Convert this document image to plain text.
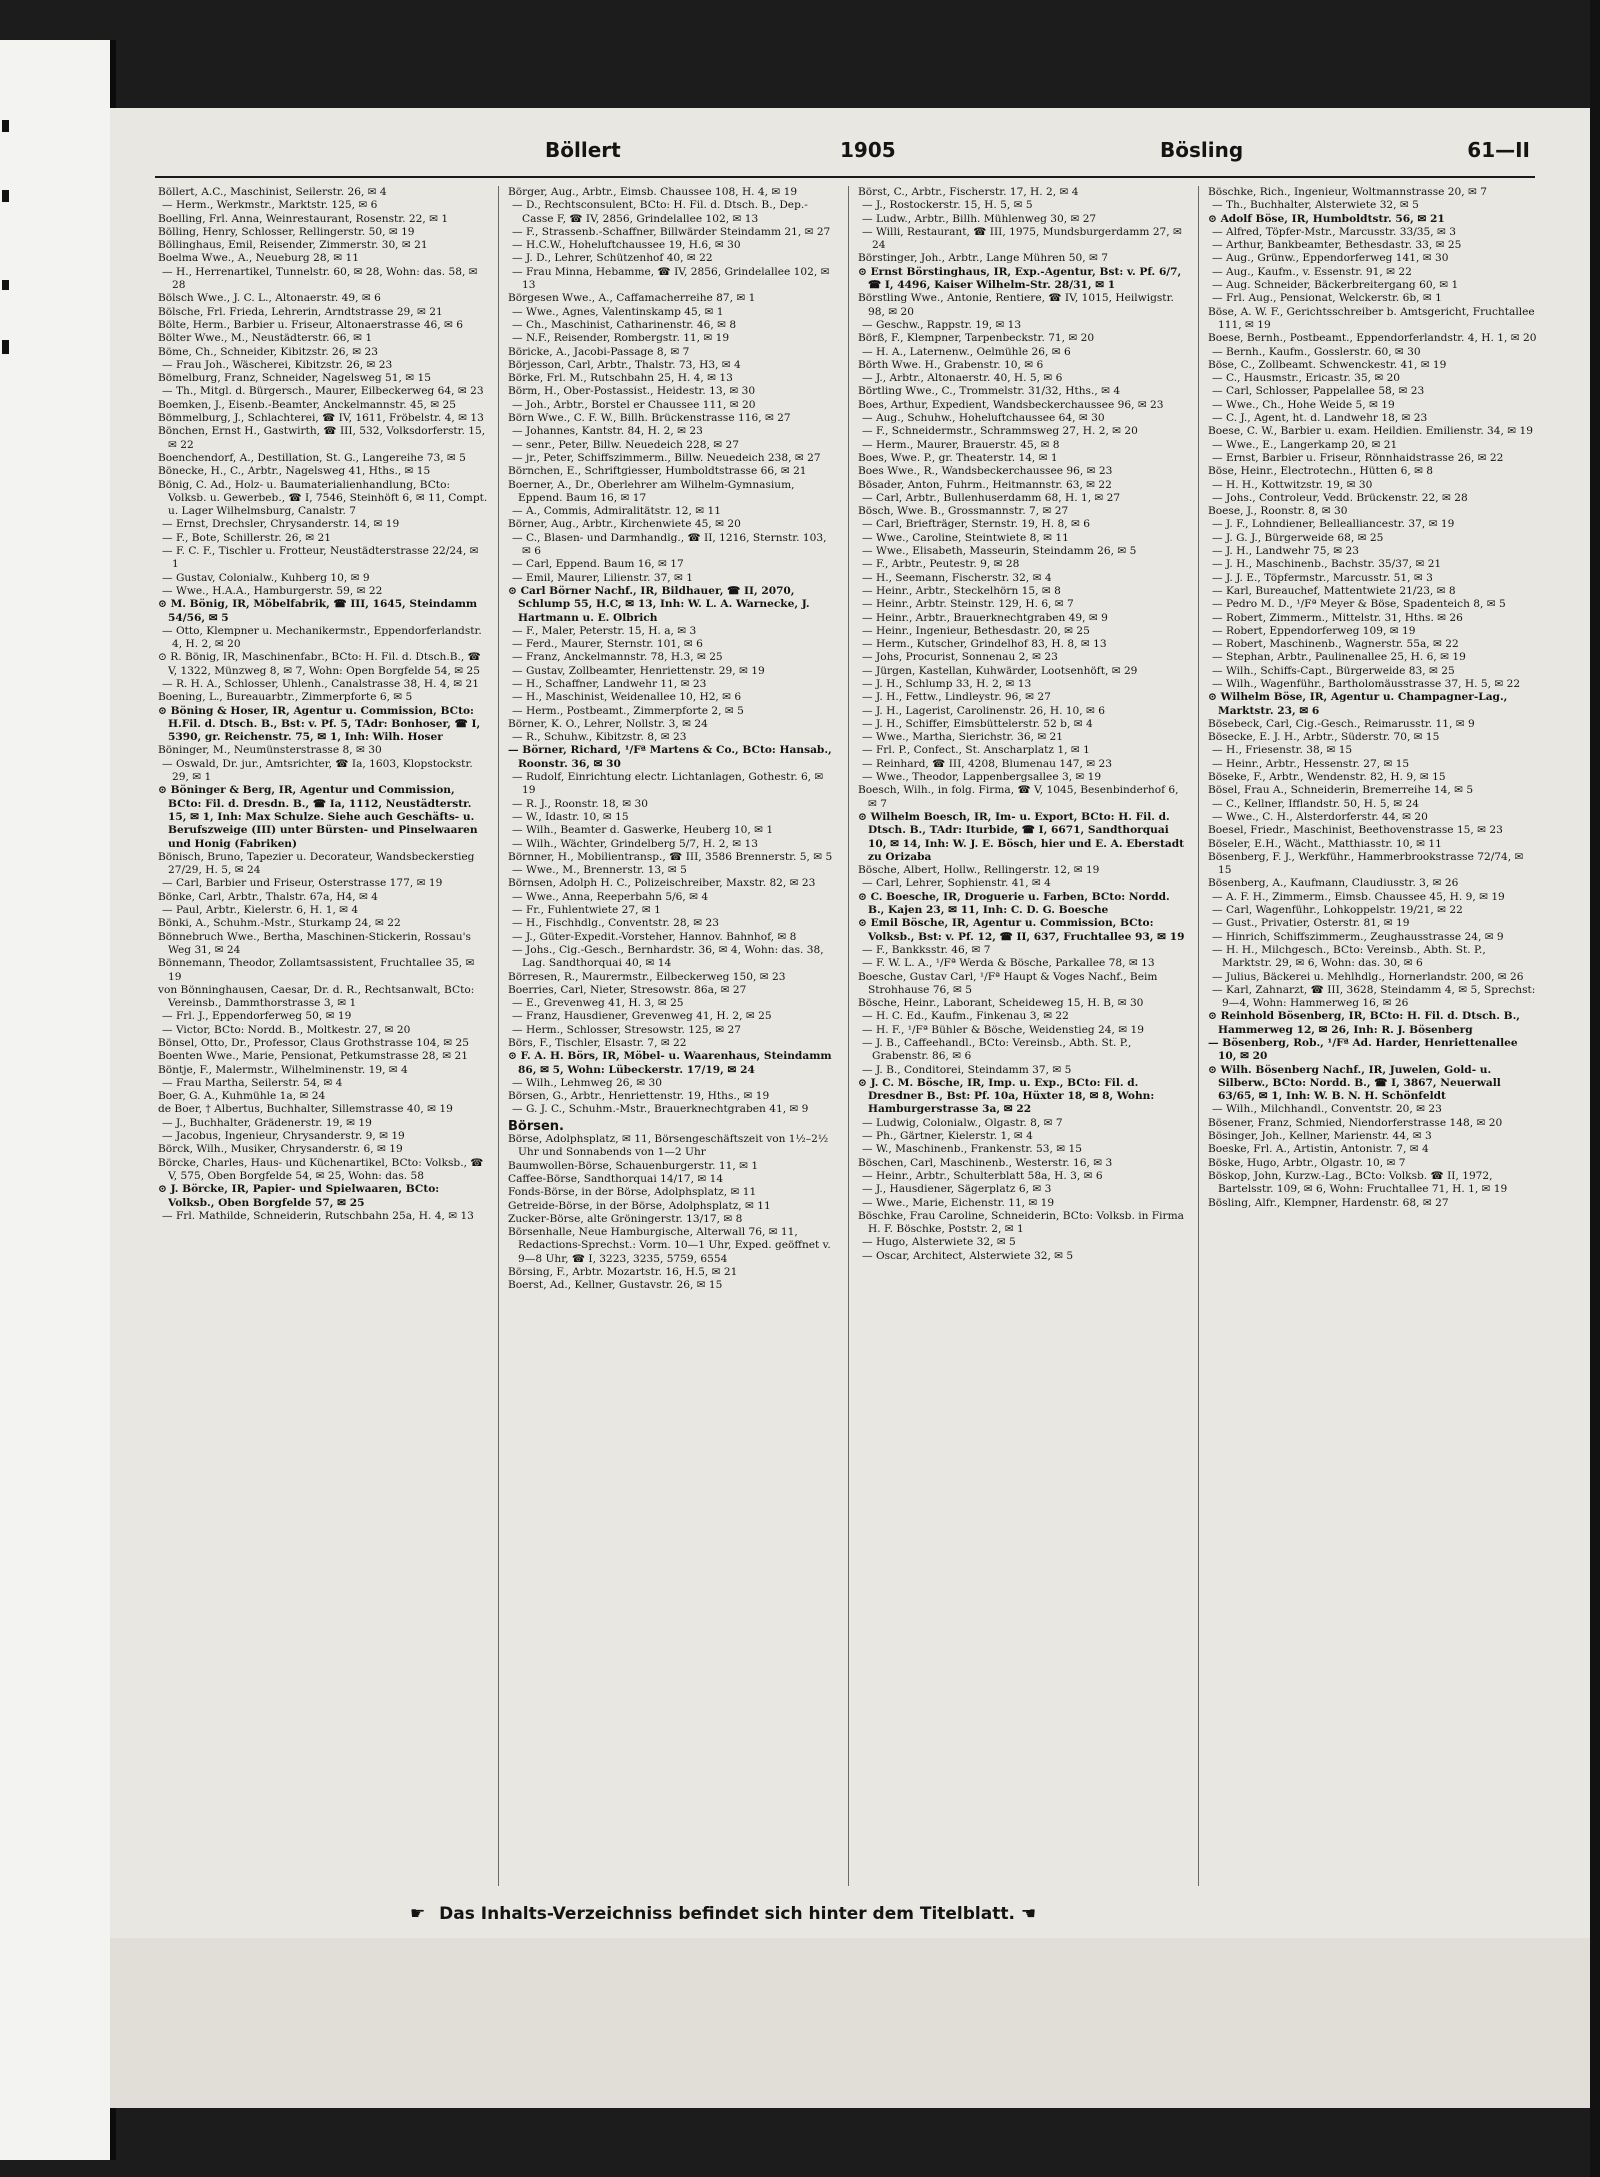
Böllert	1905	Bösling	61—II

Böllert, A.C., Maschinist, Seilerstr. 26, ✉ 4

— Herm., Werkmstr., Marktstr. 125, ✉ 6

Boelling, Frl. Anna, Weinrestaurant, Rosenstr. 22, ✉ 1

Bölling, Henry, Schlosser, Rellingerstr. 50, ✉ 19

Böllinghaus, Emil, Reisender, Zimmerstr. 30, ✉ 21

Boelma Wwe., A., Neueburg 28, ✉ 11

— H., Herrenartikel, Tunnelstr. 60, ✉ 28, Wohn: das. 58, ✉ 28

Bölsch Wwe., J. C. L., Altonaerstr. 49, ✉ 6

Bölsche, Frl. Frieda, Lehrerin, Arndtstrasse 29, ✉ 21

Bölte, Herm., Barbier u. Friseur, Altonaerstrasse 46, ✉ 6

Bölter Wwe., M., Neustädterstr. 66, ✉ 1

Böme, Ch., Schneider, Kibitzstr. 26, ✉ 23

— Frau Joh., Wäscherei, Kibitzstr. 26, ✉ 23

Bömelburg, Franz, Schneider, Nagelsweg 51, ✉ 15

— Th., Mitgl. d. Bürgersch., Maurer, Eilbeckerweg 64, ✉ 23

Boemken, J., Eisenb.-Beamter, Anckelmannstr. 45, ✉ 25

Bömmelburg, J., Schlachterei, ☎ IV, 1611, Fröbelstr. 4, ✉ 13

Bönchen, Ernst H., Gastwirth, ☎ III, 532, Volksdorferstr. 15, ✉ 22

Boenchendorf, A., Destillation, St. G., Langereihe 73, ✉ 5

Bönecke, H., C., Arbtr., Nagelsweg 41, Hths., ✉ 15

Bönig, C. Ad., Holz- u. Baumaterialienhandlung, BCto: Volksb. u. Gewerbeb., ☎ I, 7546, Steinhöft 6, ✉ 11, Compt. u. Lager Wilhelmsburg, Canalstr. 7

— Ernst, Drechsler, Chrysanderstr. 14, ✉ 19

— F., Bote, Schillerstr. 26, ✉ 21

— F. C. F., Tischler u. Frotteur, Neustädterstrasse 22/24, ✉ 1

— Gustav, Colonialw., Kuhberg 10, ✉ 9

— Wwe., H.A.A., Hamburgerstr. 59, ✉ 22

⊙ M. Bönig, IR, Möbelfabrik, ☎ III, 1645, Steindamm 54/56, ✉ 5

— Otto, Klempner u. Mechanikermstr., Eppendorferlandstr. 4, H. 2, ✉ 20

⊙ R. Bönig, IR, Maschinenfabr., BCto: H. Fil. d. Dtsch.B., ☎ V, 1322, Münzweg 8, ✉ 7, Wohn: Open Borgfelde 54, ✉ 25

— R. H. A., Schlosser, Uhlenh., Canalstrasse 38, H. 4, ✉ 21

Boening, L., Bureauarbtr., Zimmerpforte 6, ✉ 5

⊙ Böning & Hoser, IR, Agentur u. Commission, BCto: H.Fil. d. Dtsch. B., Bst: v. Pf. 5, TAdr: Bonhoser, ☎ I, 5390, gr. Reichenstr. 75, ✉ 1, Inh: Wilh. Hoser

Böninger, M., Neumünsterstrasse 8, ✉ 30

— Oswald, Dr. jur., Amtsrichter, ☎ Ia, 1603, Klopstockstr. 29, ✉ 1

⊙ Böninger & Berg, IR, Agentur und Commission, BCto: Fil. d. Dresdn. B., ☎ Ia, 1112, Neustädterstr. 15, ✉ 1, Inh: Max Schulze. Siehe auch Geschäfts- u. Berufszweige (III) unter Bürsten- und Pinselwaaren und Honig (Fabriken)

Bönisch, Bruno, Tapezier u. Decorateur, Wandsbeckerstieg 27/29, H. 5, ✉ 24

— Carl, Barbier und Friseur, Osterstrasse 177, ✉ 19

Bönke, Carl, Arbtr., Thalstr. 67a, H4, ✉ 4

— Paul, Arbtr., Kielerstr. 6, H. 1, ✉ 4

Bönki, A., Schuhm.-Mstr., Sturkamp 24, ✉ 22

Bönnebruch Wwe., Bertha, Maschinen-Stickerin, Rossau's Weg 31, ✉ 24

Bönnemann, Theodor, Zollamtsassistent, Fruchtallee 35, ✉ 19

von Bönninghausen, Caesar, Dr. d. R., Rechtsanwalt, BCto: Vereinsb., Dammthorstrasse 3, ✉ 1

— Frl. J., Eppendorferweg 50, ✉ 19

— Victor, BCto: Nordd. B., Moltkestr. 27, ✉ 20

Bönsel, Otto, Dr., Professor, Claus Grothstrasse 104, ✉ 25

Boenten Wwe., Marie, Pensionat, Petkumstrasse 28, ✉ 21

Böntje, F., Malermstr., Wilhelminenstr. 19, ✉ 4

— Frau Martha, Seilerstr. 54, ✉ 4

Boer, G. A., Kuhmühle 1a, ✉ 24

de Boer, † Albertus, Buchhalter, Sillemstrasse 40, ✉ 19

— J., Buchhalter, Grädenerstr. 19, ✉ 19

— Jacobus, Ingenieur, Chrysanderstr. 9, ✉ 19

Börck, Wilh., Musiker, Chrysanderstr. 6, ✉ 19

Börcke, Charles, Haus- und Küchenartikel, BCto: Volksb., ☎ V, 575, Oben Borgfelde 54, ✉ 25, Wohn: das. 58

⊙ J. Börcke, IR, Papier- und Spielwaaren, BCto: Volksb., Oben Borgfelde 57, ✉ 25

— Frl. Mathilde, Schneiderin, Rutschbahn 25a, H. 4, ✉ 13

Börger, Aug., Arbtr., Eimsb. Chaussee 108, H. 4, ✉ 19

— D., Rechtsconsulent, BCto: H. Fil. d. Dtsch. B., Dep.-Casse F, ☎ IV, 2856, Grindelallee 102, ✉ 13

— F., Strassenb.-Schaffner, Billwärder Steindamm 21, ✉ 27

— H.C.W., Hoheluftchaussee 19, H.6, ✉ 30

— J. D., Lehrer, Schützenhof 40, ✉ 22

— Frau Minna, Hebamme, ☎ IV, 2856, Grindelallee 102, ✉ 13

Börgesen Wwe., A., Caffamacherreihe 87, ✉ 1

— Wwe., Agnes, Valentinskamp 45, ✉ 1

— Ch., Maschinist, Catharinenstr. 46, ✉ 8

— N.F., Reisender, Rombergstr. 11, ✉ 19

Böricke, A., Jacobi-Passage 8, ✉ 7

Börjesson, Carl, Arbtr., Thalstr. 73, H3, ✉ 4

Börke, Frl. M., Rutschbahn 25, H. 4, ✉ 13

Börm, H., Ober-Postassist., Heidestr. 13, ✉ 30

— Joh., Arbtr., Borstel er Chaussee 111, ✉ 20

Börn Wwe., C. F. W., Billh. Brückenstrasse 116, ✉ 27

— Johannes, Kantstr. 84, H. 2, ✉ 23

— senr., Peter, Billw. Neuedeich 228, ✉ 27

— jr., Peter, Schiffszimmerm., Billw. Neuedeich 238, ✉ 27

Börnchen, E., Schriftgiesser, Humboldtstrasse 66, ✉ 21

Boerner, A., Dr., Oberlehrer am Wilhelm-Gymnasium, Eppend. Baum 16, ✉ 17

— A., Commis, Admiralitätstr. 12, ✉ 11

Börner, Aug., Arbtr., Kirchenwiete 45, ✉ 20

— C., Blasen- und Darmhandlg., ☎ II, 1216, Sternstr. 103, ✉ 6

— Carl, Eppend. Baum 16, ✉ 17

— Emil, Maurer, Lilienstr. 37, ✉ 1

⊙ Carl Börner Nachf., IR, Bildhauer, ☎ II, 2070, Schlump 55, H.C, ✉ 13, Inh: W. L. A. Warnecke, J. Hartmann u. E. Olbrich

— F., Maler, Peterstr. 15, H. a, ✉ 3

— Ferd., Maurer, Sternstr. 101, ✉ 6

— Franz, Anckelmannstr. 78, H.3, ✉ 25

— Gustav, Zollbeamter, Henriettenstr. 29, ✉ 19

— H., Schaffner, Landwehr 11, ✉ 23

— H., Maschinist, Weidenallee 10, H2, ✉ 6

— Herm., Postbeamt., Zimmerpforte 2, ✉ 5

Börner, K. O., Lehrer, Nollstr. 3, ✉ 24

— R., Schuhw., Kibitzstr. 8, ✉ 23

— Börner, Richard, ¹/Fª Martens & Co., BCto: Hansab., Roonstr. 36, ✉ 30

— Rudolf, Einrichtung electr. Lichtanlagen, Gothestr. 6, ✉ 19

— R. J., Roonstr. 18, ✉ 30

— W., Idastr. 10, ✉ 15

— Wilh., Beamter d. Gaswerke, Heuberg 10, ✉ 1

— Wilh., Wächter, Grindelberg 5/7, H. 2, ✉ 13

Börnner, H., Mobilientransp., ☎ III, 3586 Brennerstr. 5, ✉ 5

— Wwe., M., Brennerstr. 13, ✉ 5

Börnsen, Adolph H. C., Polizeischreiber, Maxstr. 82, ✉ 23

— Wwe., Anna, Reeperbahn 5/6, ✉ 4

— Fr., Fuhlentwiete 27, ✉ 1

— H., Fischhdlg., Conventstr. 28, ✉ 23

— J., Güter-Expedit.-Vorsteher, Hannov. Bahnhof, ✉ 8

— Johs., Cig.-Gesch., Bernhardstr. 36, ✉ 4, Wohn: das. 38, Lag. Sandthorquai 40, ✉ 14

Börresen, R., Maurermstr., Eilbeckerweg 150, ✉ 23

Boerries, Carl, Nieter, Stresowstr. 86a, ✉ 27

— E., Grevenweg 41, H. 3, ✉ 25

— Franz, Hausdiener, Grevenweg 41, H. 2, ✉ 25

— Herm., Schlosser, Stresowstr. 125, ✉ 27

Börs, F., Tischler, Elsastr. 7, ✉ 22

⊙ F. A. H. Börs, IR, Möbel- u. Waarenhaus, Steindamm 86, ✉ 5, Wohn: Lübeckerstr. 17/19, ✉ 24

— Wilh., Lehmweg 26, ✉ 30

Börsen, G., Arbtr., Henriettenstr. 19, Hths., ✉ 19

— G. J. C., Schuhm.-Mstr., Brauerknechtgraben 41, ✉ 9

Börsen.

Börse, Adolphsplatz, ✉ 11, Börsengeschäftszeit von 1½–2½ Uhr und Sonnabends von 1—2 Uhr

Baumwollen-Börse, Schauenburgerstr. 11, ✉ 1

Caffee-Börse, Sandthorquai 14/17, ✉ 14

Fonds-Börse, in der Börse, Adolphsplatz, ✉ 11

Getreide-Börse, in der Börse, Adolphsplatz, ✉ 11

Zucker-Börse, alte Gröningerstr. 13/17, ✉ 8

Börsenhalle, Neue Hamburgische, Alterwall 76, ✉ 11, Redactions-Sprechst.: Vorm. 10—1 Uhr, Exped. geöffnet v. 9—8 Uhr, ☎ I, 3223, 3235, 5759, 6554

Börsing, F., Arbtr. Mozartstr. 16, H.5, ✉ 21

Boerst, Ad., Kellner, Gustavstr. 26, ✉ 15

Börst, C., Arbtr., Fischerstr. 17, H. 2, ✉ 4

— J., Rostockerstr. 15, H. 5, ✉ 5

— Ludw., Arbtr., Billh. Mühlenweg 30, ✉ 27

— Willi, Restaurant, ☎ III, 1975, Mundsburgerdamm 27, ✉ 24

Börstinger, Joh., Arbtr., Lange Mühren 50, ✉ 7

⊙ Ernst Börstinghaus, IR, Exp.-Agentur, Bst: v. Pf. 6/7, ☎ I, 4496, Kaiser Wilhelm-Str. 28/31, ✉ 1

Börstling Wwe., Antonie, Rentiere, ☎ IV, 1015, Heilwigstr. 98, ✉ 20

— Geschw., Rappstr. 19, ✉ 13

Börß, F., Klempner, Tarpenbeckstr. 71, ✉ 20

— H. A., Laternenw., Oelmühle 26, ✉ 6

Börth Wwe. H., Grabenstr. 10, ✉ 6

— J., Arbtr., Altonaerstr. 40, H. 5, ✉ 6

Börtling Wwe., C., Trommelstr. 31/32, Hths., ✉ 4

Boes, Arthur, Expedient, Wandsbeckerchaussee 96, ✉ 23

— Aug., Schuhw., Hoheluftchaussee 64, ✉ 30

— F., Schneidermstr., Schrammsweg 27, H. 2, ✉ 20

— Herm., Maurer, Brauerstr. 45, ✉ 8

Boes, Wwe. P., gr. Theaterstr. 14, ✉ 1

Boes Wwe., R., Wandsbeckerchaussee 96, ✉ 23

Bösader, Anton, Fuhrm., Heitmannstr. 63, ✉ 22

— Carl, Arbtr., Bullenhuserdamm 68, H. 1, ✉ 27

Bösch, Wwe. B., Grossmannstr. 7, ✉ 27

— Carl, Briefträger, Sternstr. 19, H. 8, ✉ 6

— Wwe., Caroline, Steintwiete 8, ✉ 11

— Wwe., Elisabeth, Masseurin, Steindamm 26, ✉ 5

— F., Arbtr., Peutestr. 9, ✉ 28

— H., Seemann, Fischerstr. 32, ✉ 4

— Heinr., Arbtr., Steckelhörn 15, ✉ 8

— Heinr., Arbtr. Steinstr. 129, H. 6, ✉ 7

— Heinr., Arbtr., Brauerknechtgraben 49, ✉ 9

— Heinr., Ingenieur, Bethesdastr. 20, ✉ 25

— Herm., Kutscher, Grindelhof 83, H. 8, ✉ 13

— Johs, Procurist, Sonnenau 2, ✉ 23

— Jürgen, Kastellan, Kuhwärder, Lootsenhöft, ✉ 29

— J. H., Schlump 33, H. 2, ✉ 13

— J. H., Fettw., Lindleystr. 96, ✉ 27

— J. H., Lagerist, Carolinenstr. 26, H. 10, ✉ 6

— J. H., Schiffer, Eimsbüttelerstr. 52 b, ✉ 4

— Wwe., Martha, Sierichstr. 36, ✉ 21

— Frl. P., Confect., St. Anscharplatz 1, ✉ 1

— Reinhard, ☎ III, 4208, Blumenau 147, ✉ 23

— Wwe., Theodor, Lappenbergsallee 3, ✉ 19

Boesch, Wilh., in folg. Firma, ☎ V, 1045, Besenbinderhof 6, ✉ 7

⊙ Wilhelm Boesch, IR, Im- u. Export, BCto: H. Fil. d. Dtsch. B., TAdr: Iturbide, ☎ I, 6671, Sandthorquai 10, ✉ 14, Inh: W. J. E. Bösch, hier und E. A. Eberstadt zu Orizaba

Bösche, Albert, Hollw., Rellingerstr. 12, ✉ 19

— Carl, Lehrer, Sophienstr. 41, ✉ 4

⊙ C. Boesche, IR, Droguerie u. Farben, BCto: Nordd. B., Kajen 23, ✉ 11, Inh: C. D. G. Boesche

⊙ Emil Bösche, IR, Agentur u. Commission, BCto: Volksb., Bst: v. Pf. 12, ☎ II, 637, Fruchtallee 93, ✉ 19

— F., Bankksstr. 46, ✉ 7

— F. W. L. A., ¹/Fª Werda & Bösche, Parkallee 78, ✉ 13

Boesche, Gustav Carl, ¹/Fª Haupt & Voges Nachf., Beim Strohhause 76, ✉ 5

Bösche, Heinr., Laborant, Scheideweg 15, H. B, ✉ 30

— H. C. Ed., Kaufm., Finkenau 3, ✉ 22

— H. F., ¹/Fª Bühler & Bösche, Weidenstieg 24, ✉ 19

— J. B., Caffeehandl., BCto: Vereinsb., Abth. St. P., Grabenstr. 86, ✉ 6

— J. B., Conditorei, Steindamm 37, ✉ 5

⊙ J. C. M. Bösche, IR, Imp. u. Exp., BCto: Fil. d. Dresdner B., Bst: Pf. 10a, Hüxter 18, ✉ 8, Wohn: Hamburgerstrasse 3a, ✉ 22

— Ludwig, Colonialw., Olgastr. 8, ✉ 7

— Ph., Gärtner, Kielerstr. 1, ✉ 4

— W., Maschinenb., Frankenstr. 53, ✉ 15

Böschen, Carl, Maschinenb., Westerstr. 16, ✉ 3

— Heinr., Arbtr., Schulterblatt 58a, H. 3, ✉ 6

— J., Hausdiener, Sägerplatz 6, ✉ 3

— Wwe., Marie, Eichenstr. 11, ✉ 19

Böschke, Frau Caroline, Schneiderin, BCto: Volksb. in Firma H. F. Böschke, Poststr. 2, ✉ 1

— Hugo, Alsterwiete 32, ✉ 5

— Oscar, Architect, Alsterwiete 32, ✉ 5

Böschke, Rich., Ingenieur, Woltmannstrasse 20, ✉ 7

— Th., Buchhalter, Alsterwiete 32, ✉ 5

⊙ Adolf Böse, IR, Humboldtstr. 56, ✉ 21

— Alfred, Töpfer-Mstr., Marcusstr. 33/35, ✉ 3

— Arthur, Bankbeamter, Bethesdastr. 33, ✉ 25

— Aug., Grünw., Eppendorferweg 141, ✉ 30

— Aug., Kaufm., v. Essenstr. 91, ✉ 22

— Aug. Schneider, Bäckerbreitergang 60, ✉ 1

— Frl. Aug., Pensionat, Welckerstr. 6b, ✉ 1

Böse, A. W. F., Gerichtsschreiber b. Amtsgericht, Fruchtallee 111, ✉ 19

Boese, Bernh., Postbeamt., Eppendorferlandstr. 4, H. 1, ✉ 20

— Bernh., Kaufm., Gosslerstr. 60, ✉ 30

Böse, C., Zollbeamt. Schwenckestr. 41, ✉ 19

— C., Hausmstr., Ericastr. 35, ✉ 20

— Carl, Schlosser, Pappelallee 58, ✉ 23

— Wwe., Ch., Hohe Weide 5, ✉ 19

— C. J., Agent, ht. d. Landwehr 18, ✉ 23

Boese, C. W., Barbier u. exam. Heildien. Emilienstr. 34, ✉ 19

— Wwe., E., Langerkamp 20, ✉ 21

— Ernst, Barbier u. Friseur, Rönnhaidstrasse 26, ✉ 22

Böse, Heinr., Electrotechn., Hütten 6, ✉ 8

— H. H., Kottwitzstr. 19, ✉ 30

— Johs., Controleur, Vedd. Brückenstr. 22, ✉ 28

Boese, J., Roonstr. 8, ✉ 30

— J. F., Lohndiener, Bellealliancestr. 37, ✉ 19

— J. G. J., Bürgerweide 68, ✉ 25

— J. H., Landwehr 75, ✉ 23

— J. H., Maschinenb., Bachstr. 35/37, ✉ 21

— J. J. E., Töpfermstr., Marcusstr. 51, ✉ 3

— Karl, Bureauchef, Mattentwiete 21/23, ✉ 8

— Pedro M. D., ¹/Fª Meyer & Böse, Spadenteich 8, ✉ 5

— Robert, Zimmerm., Mittelstr. 31, Hths. ✉ 26

— Robert, Eppendorferweg 109, ✉ 19

— Robert, Maschinenb., Wagnerstr. 55a, ✉ 22

— Stephan, Arbtr., Paulinenallee 25, H. 6, ✉ 19

— Wilh., Schiffs-Capt., Bürgerweide 83, ✉ 25

— Wilh., Wagenführ., Bartholomäusstrasse 37, H. 5, ✉ 22

⊙ Wilhelm Böse, IR, Agentur u. Champagner-Lag., Marktstr. 23, ✉ 6

Bösebeck, Carl, Cig.-Gesch., Reimarusstr. 11, ✉ 9

Bösecke, E. J. H., Arbtr., Süderstr. 70, ✉ 15

— H., Friesenstr. 38, ✉ 15

— Heinr., Arbtr., Hessenstr. 27, ✉ 15

Böseke, F., Arbtr., Wendenstr. 82, H. 9, ✉ 15

Bösel, Frau A., Schneiderin, Bremerreihe 14, ✉ 5

— C., Kellner, Ifflandstr. 50, H. 5, ✉ 24

— Wwe., C. H., Alsterdorferstr. 44, ✉ 20

Boesel, Friedr., Maschinist, Beethovenstrasse 15, ✉ 23

Böseler, E.H., Wächt., Matthiasstr. 10, ✉ 11

Bösenberg, F. J., Werkführ., Hammerbrookstrasse 72/74, ✉ 15

Bösenberg, A., Kaufmann, Claudiusstr. 3, ✉ 26

— A. F. H., Zimmerm., Eimsb. Chaussee 45, H. 9, ✉ 19

— Carl, Wagenführ., Lohkoppelstr. 19/21, ✉ 22

— Gust., Privatier, Osterstr. 81, ✉ 19

— Hinrich, Schiffszimmerm., Zeughausstrasse 24, ✉ 9

— H. H., Milchgesch., BCto: Vereinsb., Abth. St. P., Marktstr. 29, ✉ 6, Wohn: das. 30, ✉ 6

— Julius, Bäckerei u. Mehlhdlg., Hornerlandstr. 200, ✉ 26

— Karl, Zahnarzt, ☎ III, 3628, Steindamm 4, ✉ 5, Sprechst: 9—4, Wohn: Hammerweg 16, ✉ 26

⊙ Reinhold Bösenberg, IR, BCto: H. Fil. d. Dtsch. B., Hammerweg 12, ✉ 26, Inh: R. J. Bösenberg

— Bösenberg, Rob., ¹/Fª Ad. Harder, Henriettenallee 10, ✉ 20

⊙ Wilh. Bösenberg Nachf., IR, Juwelen, Gold- u. Silberw., BCto: Nordd. B., ☎ I, 3867, Neuerwall 63/65, ✉ 1, Inh: W. B. N. H. Schönfeldt

— Wilh., Milchhandl., Conventstr. 20, ✉ 23

Bösener, Franz, Schmied, Niendorferstrasse 148, ✉ 20

Bösinger, Joh., Kellner, Marienstr. 44, ✉ 3

Boeske, Frl. A., Artistin, Antonistr. 7, ✉ 4

Böske, Hugo, Arbtr., Olgastr. 10, ✉ 7

Böskop, John, Kurzw.-Lag., BCto: Volksb. ☎ II, 1972, Bartelsstr. 109, ✉ 6, Wohn: Fruchtallee 71, H. 1, ✉ 19

Bösling, Alfr., Klempner, Hardenstr. 68, ✉ 27

☛ Das Inhalts-Verzeichniss befindet sich hinter dem Titelblatt. ☚
